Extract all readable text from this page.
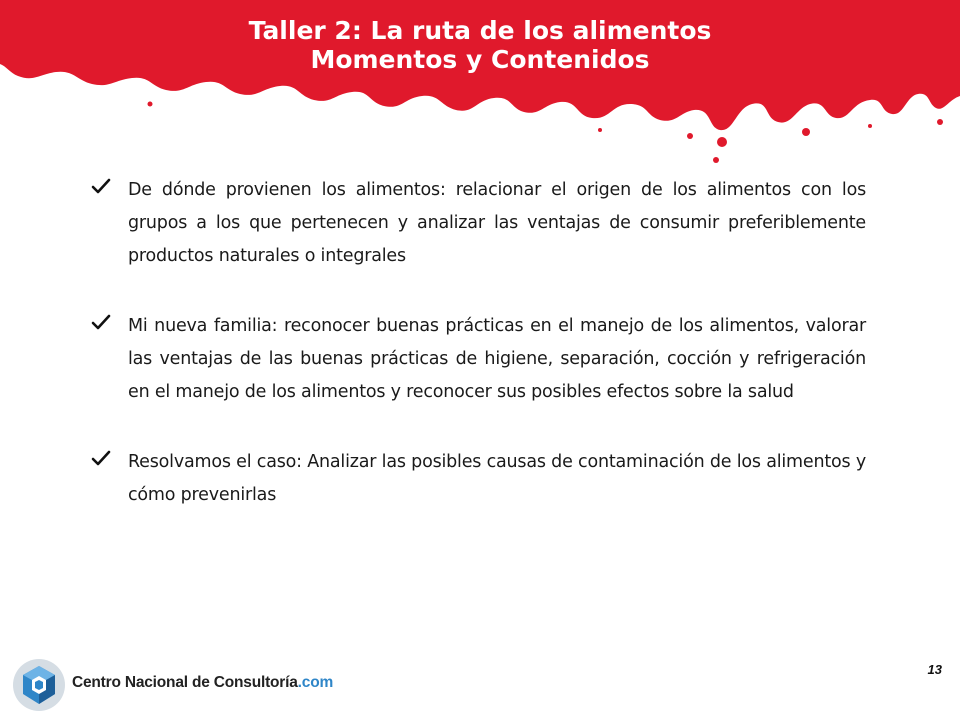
Taller 2: La ruta de los alimentos
Momentos y Contenidos
De dónde provienen los alimentos: relacionar el origen de los alimentos con los grupos a los que pertenecen y analizar las ventajas de consumir preferiblemente productos naturales o integrales
Mi nueva familia: reconocer buenas prácticas en el manejo de los alimentos, valorar las ventajas de las buenas prácticas de higiene, separación, cocción y refrigeración en el manejo de los alimentos y reconocer sus posibles efectos sobre la salud
Resolvamos el caso: Analizar las posibles causas de contaminación de los alimentos y cómo prevenirlas
Centro Nacional de Consultoría.com
13
